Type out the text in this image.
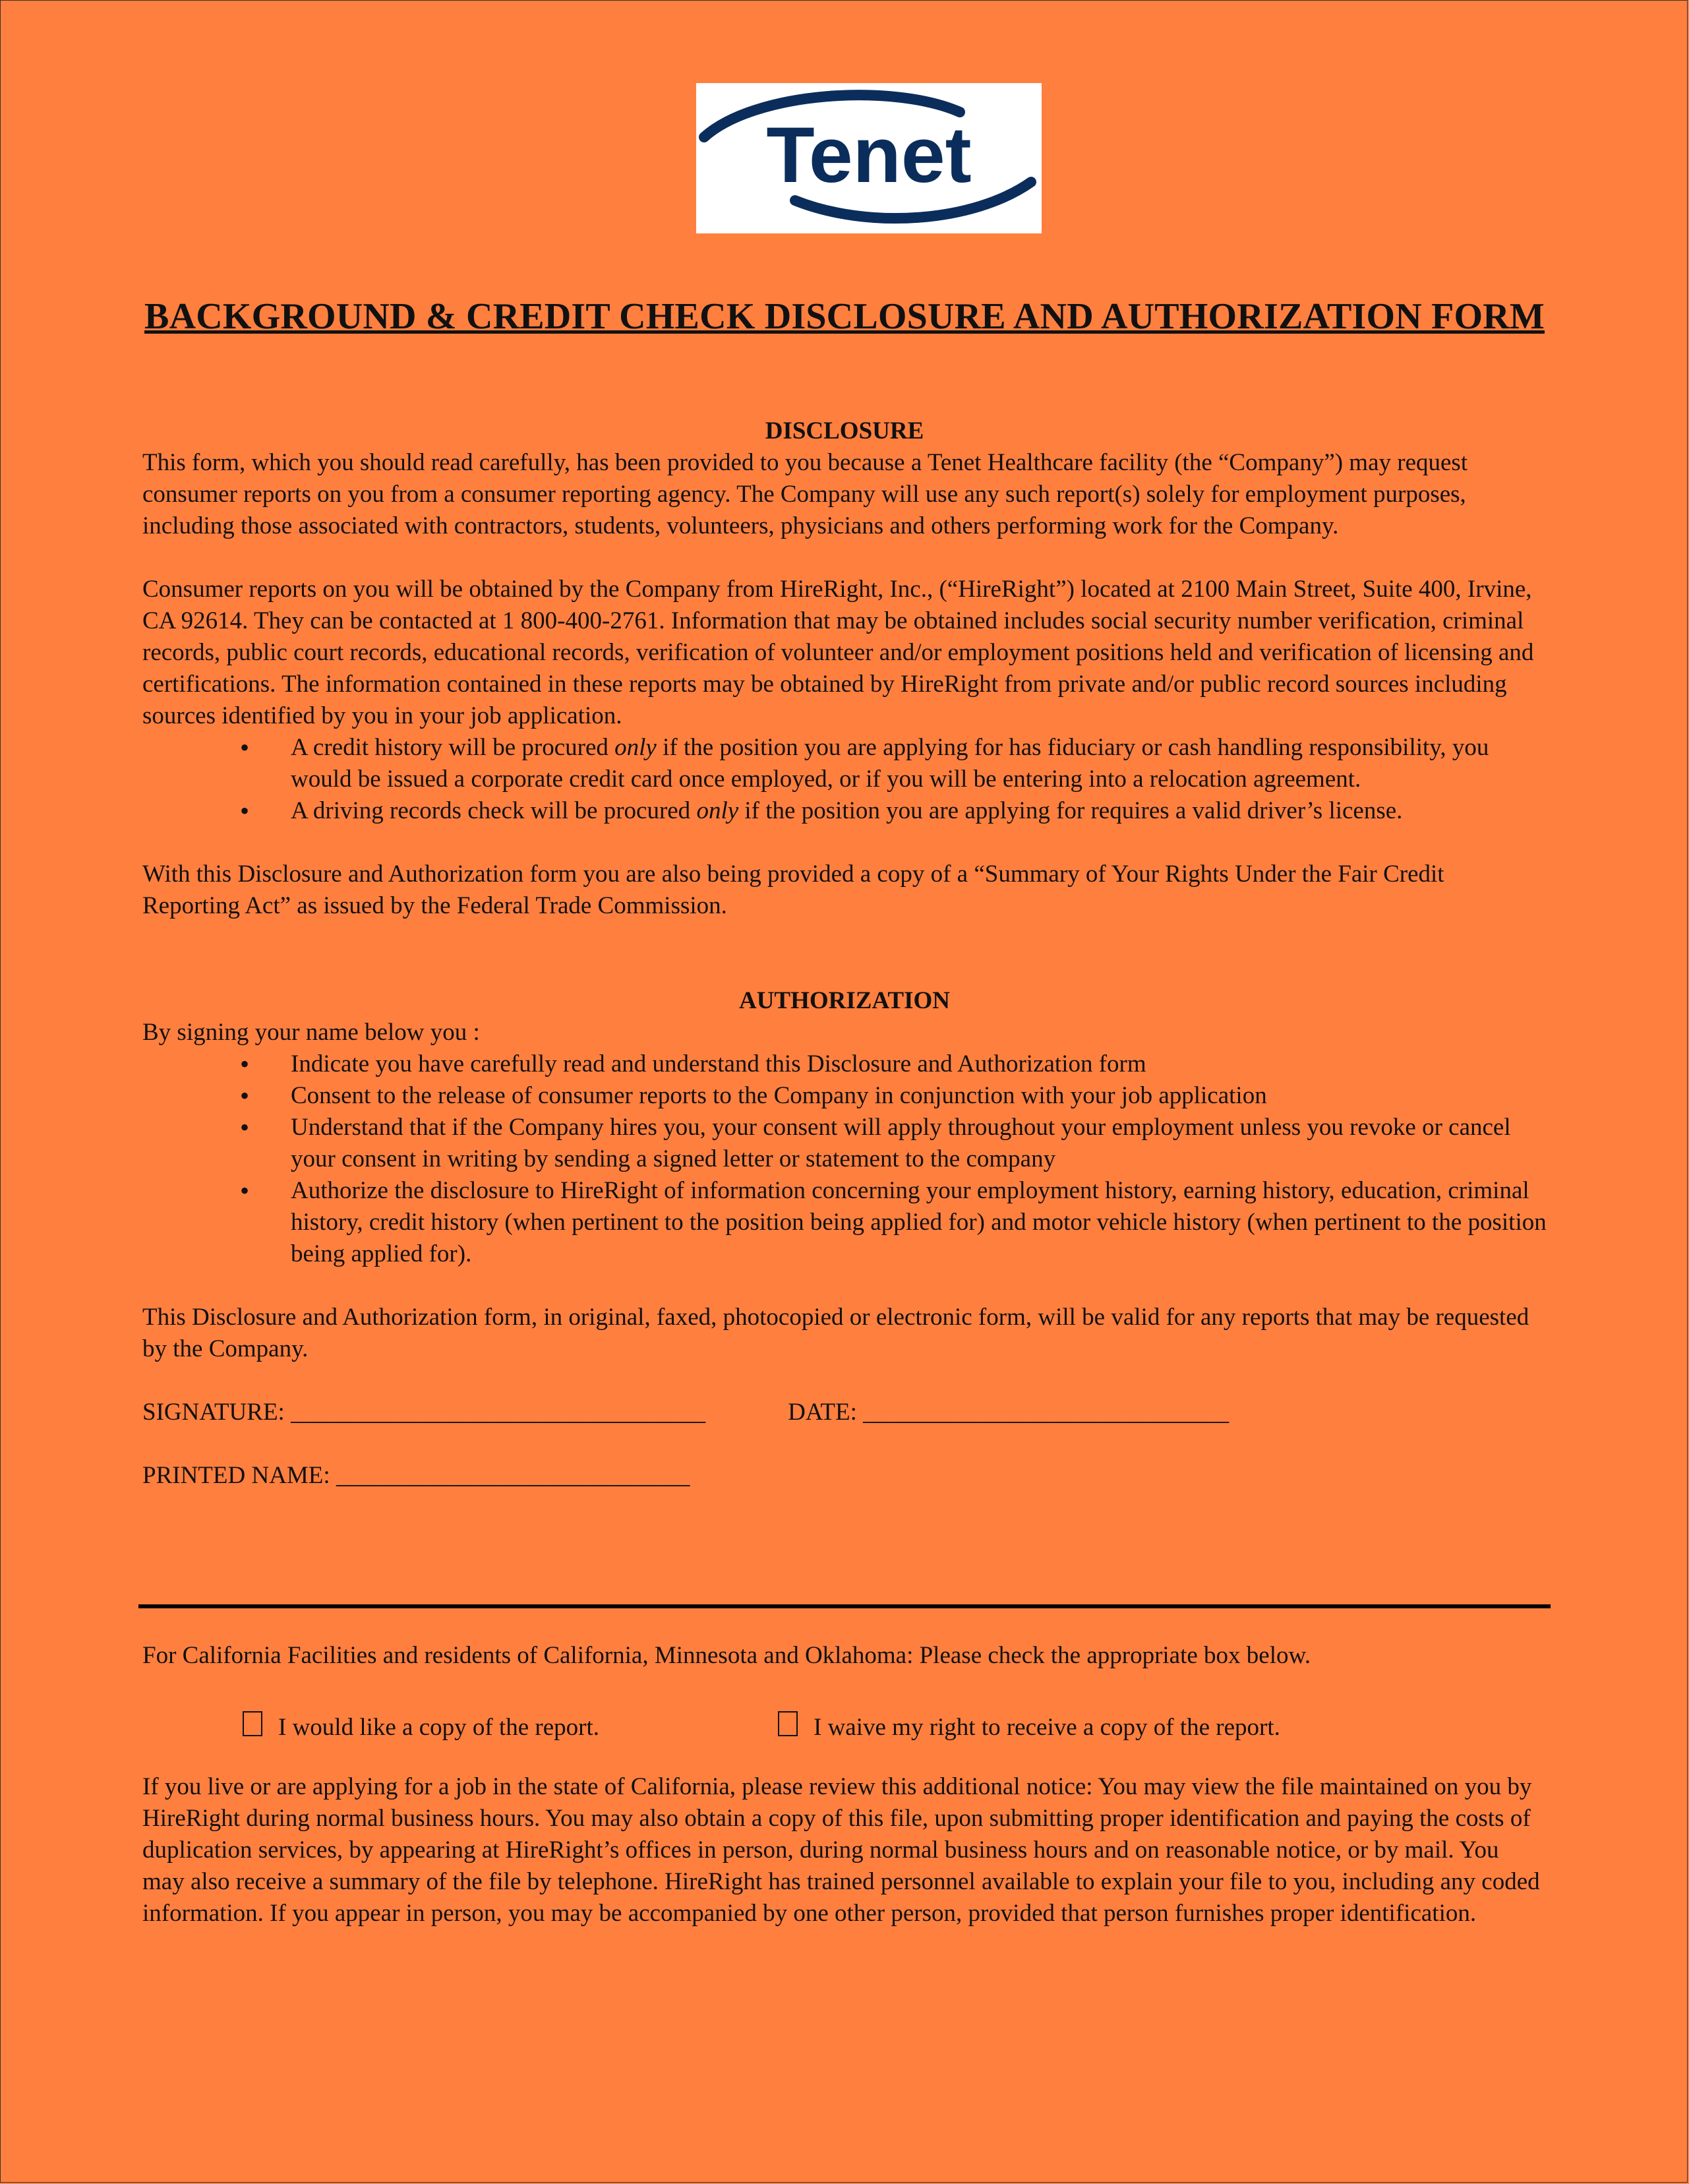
Tenet
BACKGROUND & CREDIT CHECK DISCLOSURE AND AUTHORIZATION FORM

DISCLOSURE

This form, which you should read carefully, has been provided to you because a Tenet Healthcare facility (the “Company”) may request consumer reports on you from a consumer reporting agency. The Company will use any such report(s) solely for employment purposes, including those associated with contractors, students, volunteers, physicians and others performing work for the Company.

Consumer reports on you will be obtained by the Company from HireRight, Inc., (“HireRight”) located at 2100 Main Street, Suite 400, Irvine, CA 92614. They can be contacted at 1 800-400-2761. Information that may be obtained includes social security number verification, criminal records, public court records, educational records, verification of volunteer and/or employment positions held and verification of licensing and certifications. The information contained in these reports may be obtained by HireRight from private and/or public record sources including sources identified by you in your job application.

• A credit history will be procured only if the position you are applying for has fiduciary or cash handling responsibility, you would be issued a corporate credit card once employed, or if you will be entering into a relocation agreement.
• A driving records check will be procured only if the position you are applying for requires a valid driver’s license.

With this Disclosure and Authorization form you are also being provided a copy of a “Summary of Your Rights Under the Fair Credit Reporting Act” as issued by the Federal Trade Commission.

AUTHORIZATION

By signing your name below you :

• Indicate you have carefully read and understand this Disclosure and Authorization form
• Consent to the release of consumer reports to the Company in conjunction with your job application
• Understand that if the Company hires you, your consent will apply throughout your employment unless you revoke or cancel your consent in writing by sending a signed letter or statement to the company
• Authorize the disclosure to HireRight of information concerning your employment history, earning history, education, criminal history, credit history (when pertinent to the position being applied for) and motor vehicle history (when pertinent to the position being applied for).

This Disclosure and Authorization form, in original, faxed, photocopied or electronic form, will be valid for any reports that may be requested by the Company.

SIGNATURE: __________________________________	DATE: ______________________________

PRINTED NAME: _____________________________

For California Facilities and residents of California, Minnesota and Oklahoma: Please check the appropriate box below.

I would like a copy of the report.	I waive my right to receive a copy of the report.

If you live or are applying for a job in the state of California, please review this additional notice: You may view the file maintained on you by HireRight during normal business hours. You may also obtain a copy of this file, upon submitting proper identification and paying the costs of duplication services, by appearing at HireRight’s offices in person, during normal business hours and on reasonable notice, or by mail. You may also receive a summary of the file by telephone. HireRight has trained personnel available to explain your file to you, including any coded information. If you appear in person, you may be accompanied by one other person, provided that person furnishes proper identification.
